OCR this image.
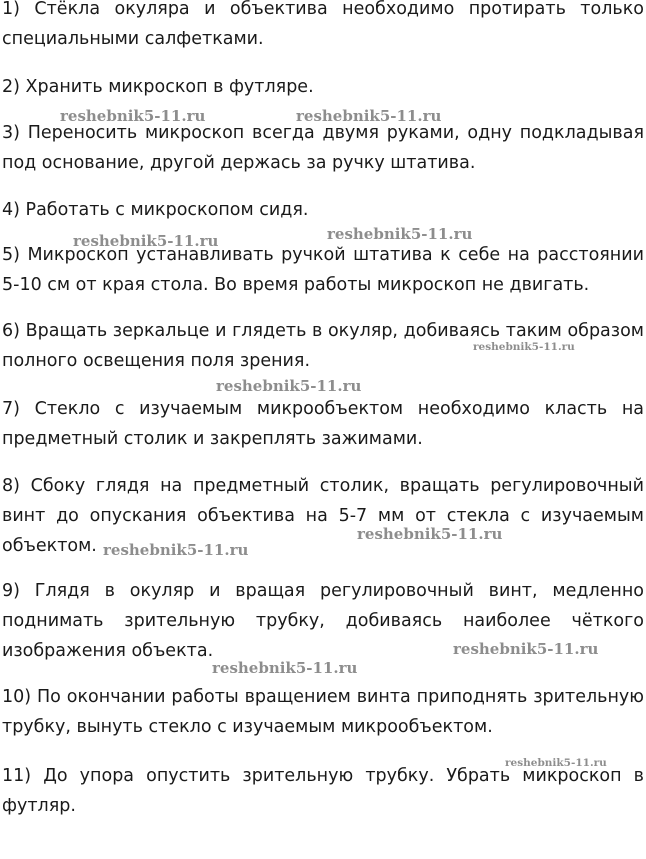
1) Стёкла окуляра и объектива необходимо протирать только специальными салфетками.

2) Хранить микроскоп в футляре.

3) Переносить микроскоп всегда двумя руками, одну подкладывая под основание, другой держась за ручку штатива.

4) Работать с микроскопом сидя.

5) Микроскоп устанавливать ручкой штатива к себе на расстоянии 5-10 см от края стола. Во время работы микроскоп не двигать.

6) Вращать зеркальце и глядеть в окуляр, добиваясь таким образом полного освещения поля зрения.

7) Стекло с изучаемым микрообъектом необходимо класть на предметный столик и закреплять зажимами.

8) Сбоку глядя на предметный столик, вращать регулировочный винт до опускания объектива на 5-7 мм от стекла с изучаемым объектом.

9) Глядя в окуляр и вращая регулировочный винт, медленно поднимать зрительную трубку, добиваясь наиболее чёткого изображения объекта.

10) По окончании работы вращением винта приподнять зрительную трубку, вынуть стекло с изучаемым микрообъектом.

11) До упора опустить зрительную трубку. Убрать микроскоп в футляр.

reshebnik5-11.ru	reshebnik5-11.ru
reshebnik5-11.ru	reshebnik5-11.ru
reshebnik5-11.ru
reshebnik5-11.ru
reshebnik5-11.ru
reshebnik5-11.ru
reshebnik5-11.ru
reshebnik5-11.ru
reshebnik5-11.ru
